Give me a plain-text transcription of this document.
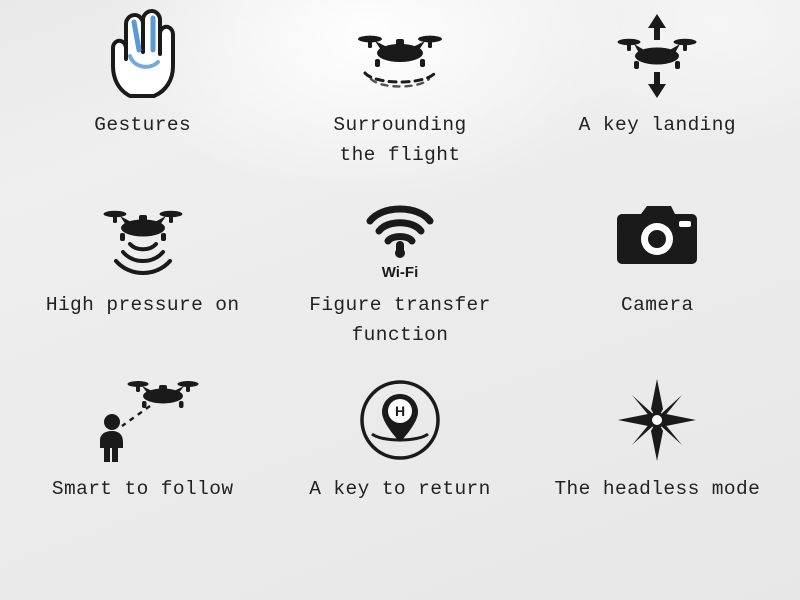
Gestures	Surrounding
the flight
A key landing
High pressure on
Wi-Fi
Figure transfer
function
Camera
Smart to follow
H
A key to return	The headless mode
